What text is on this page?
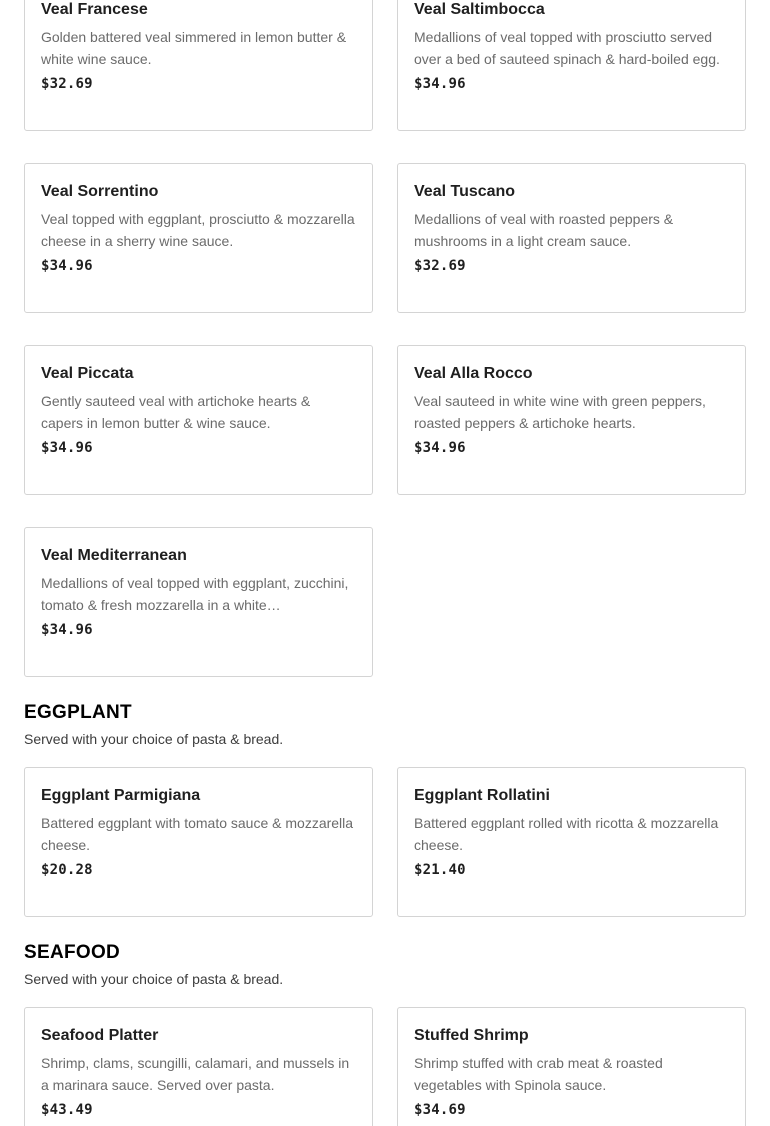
Veal Francese
Golden battered veal simmered in lemon butter & white wine sauce.
$32.69
Veal Saltimbocca
Medallions of veal topped with prosciutto served over a bed of sauteed spinach & hard-boiled egg.
$34.96
Veal Sorrentino
Veal topped with eggplant, prosciutto & mozzarella cheese in a sherry wine sauce.
$34.96
Veal Tuscano
Medallions of veal with roasted peppers & mushrooms in a light cream sauce.
$32.69
Veal Piccata
Gently sauteed veal with artichoke hearts & capers in lemon butter & wine sauce.
$34.96
Veal Alla Rocco
Veal sauteed in white wine with green peppers, roasted peppers & artichoke hearts.
$34.96
Veal Mediterranean
Medallions of veal topped with eggplant, zucchini, tomato & fresh mozzarella in a white…
$34.96
EGGPLANT
Served with your choice of pasta & bread.
Eggplant Parmigiana
Battered eggplant with tomato sauce & mozzarella cheese.
$20.28
Eggplant Rollatini
Battered eggplant rolled with ricotta & mozzarella cheese.
$21.40
SEAFOOD
Served with your choice of pasta & bread.
Seafood Platter
Shrimp, clams, scungilli, calamari, and mussels in a marinara sauce. Served over pasta.
$43.49
Stuffed Shrimp
Shrimp stuffed with crab meat & roasted vegetables with Spinola sauce.
$34.69
